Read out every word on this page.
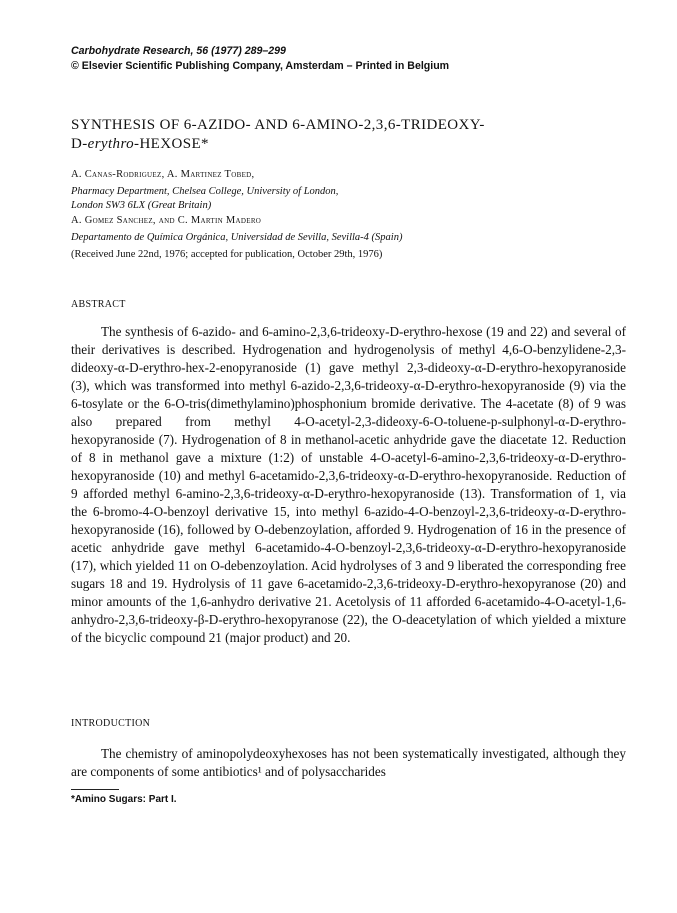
Carbohydrate Research, 56 (1977) 289–299
© Elsevier Scientific Publishing Company, Amsterdam – Printed in Belgium
SYNTHESIS OF 6-AZIDO- AND 6-AMINO-2,3,6-TRIDEOXY-
D-erythro-HEXOSE*
A. Canas-Rodriguez, A. Martinez Tobed,
Pharmacy Department, Chelsea College, University of London,
London SW3 6LX (Great Britain)
A. Gomez Sanchez, and C. Martin Madero
Departamento de Química Orgánica, Universidad de Sevilla, Sevilla-4 (Spain)
(Received June 22nd, 1976; accepted for publication, October 29th, 1976)
ABSTRACT

The synthesis of 6-azido- and 6-amino-2,3,6-trideoxy-D-erythro-hexose (19 and 22) and several of their derivatives is described. Hydrogenation and hydrogenolysis of methyl 4,6-O-benzylidene-2,3-dideoxy-α-D-erythro-hex-2-enopyranoside (1) gave methyl 2,3-dideoxy-α-D-erythro-hexopyranoside (3), which was transformed into methyl 6-azido-2,3,6-trideoxy-α-D-erythro-hexopyranoside (9) via the 6-tosylate or the 6-O-tris(dimethylamino)phosphonium bromide derivative. The 4-acetate (8) of 9 was also prepared from methyl 4-O-acetyl-2,3-dideoxy-6-O-toluene-p-sulphonyl-α-D-erythro-hexopyranoside (7). Hydrogenation of 8 in methanol-acetic anhydride gave the diacetate 12. Reduction of 8 in methanol gave a mixture (1:2) of unstable 4-O-acetyl-6-amino-2,3,6-trideoxy-α-D-erythro-hexopyranoside (10) and methyl 6-acetamido-2,3,6-trideoxy-α-D-erythro-hexopyranoside. Reduction of 9 afforded methyl 6-amino-2,3,6-trideoxy-α-D-erythro-hexopyranoside (13). Transformation of 1, via the 6-bromo-4-O-benzoyl derivative 15, into methyl 6-azido-4-O-benzoyl-2,3,6-trideoxy-α-D-erythro-hexopyranoside (16), followed by O-debenzoylation, afforded 9. Hydrogenation of 16 in the presence of acetic anhydride gave methyl 6-acetamido-4-O-benzoyl-2,3,6-trideoxy-α-D-erythro-hexopyranoside (17), which yielded 11 on O-debenzoylation. Acid hydrolyses of 3 and 9 liberated the corresponding free sugars 18 and 19. Hydrolysis of 11 gave 6-acetamido-2,3,6-trideoxy-D-erythro-hexopyranose (20) and minor amounts of the 1,6-anhydro derivative 21. Acetolysis of 11 afforded 6-acetamido-4-O-acetyl-1,6-anhydro-2,3,6-trideoxy-β-D-erythro-hexopyranose (22), the O-deacetylation of which yielded a mixture of the bicyclic compound 21 (major product) and 20.

INTRODUCTION

The chemistry of aminopolydeoxyhexoses has not been systematically investigated, although they are components of some antibiotics¹ and of polysaccharides

*Amino Sugars: Part I.
